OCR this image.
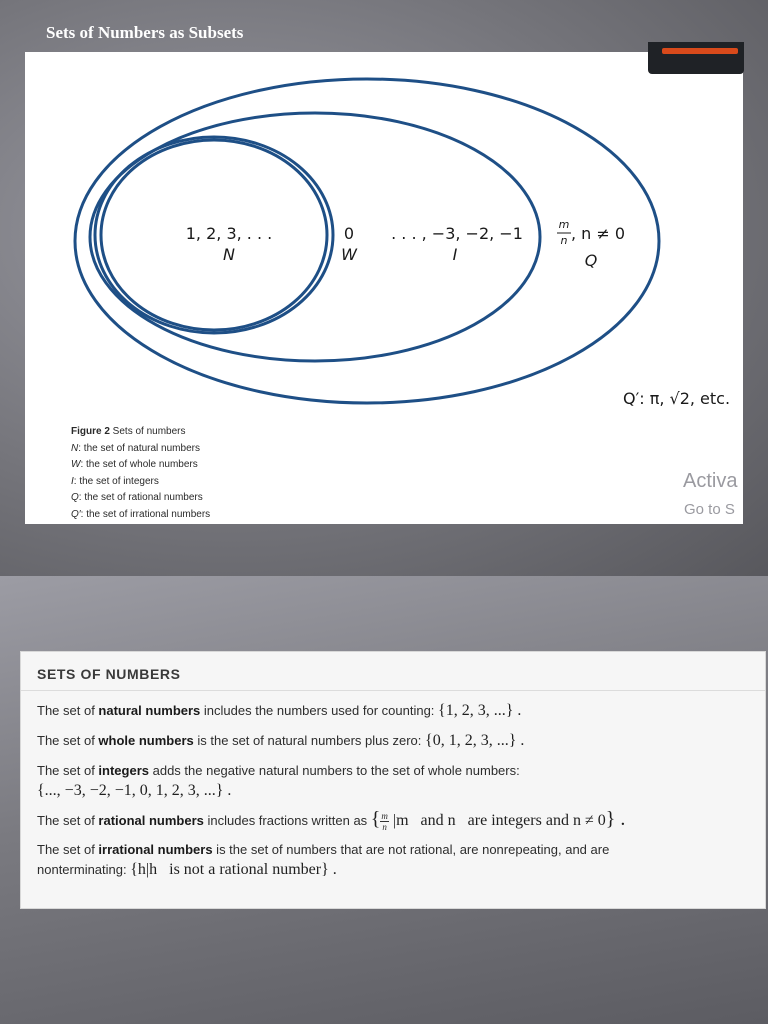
Sets of Numbers as Subsets
1, 2, 3, . . .
N
0
W
. . . , −3, −2, −1
I
m
n , n ≠ 0
Q
Q′: π, √2, etc.
Figure 2 Sets of numbers
N: the set of natural numbers
W: the set of whole numbers
I: the set of integers
Q: the set of rational numbers
Q′: the set of irrational numbers
Activa
Go to S
SETS OF NUMBERS

The set of natural numbers includes the numbers used for counting: {1, 2, 3, ...} .

The set of whole numbers is the set of natural numbers plus zero: {0, 1, 2, 3, ...} .

The set of integers adds the negative natural numbers to the set of whole numbers:
{..., −3, −2, −1, 0, 1, 2, 3, ...} .

The set of rational numbers includes fractions written as { $\frac{m}{n} |m$   and n   are integers and n ≠ 0} .

The set of irrational numbers is the set of numbers that are not rational, are nonrepeating, and are
nonterminating: {h|h   is not a rational number} .
